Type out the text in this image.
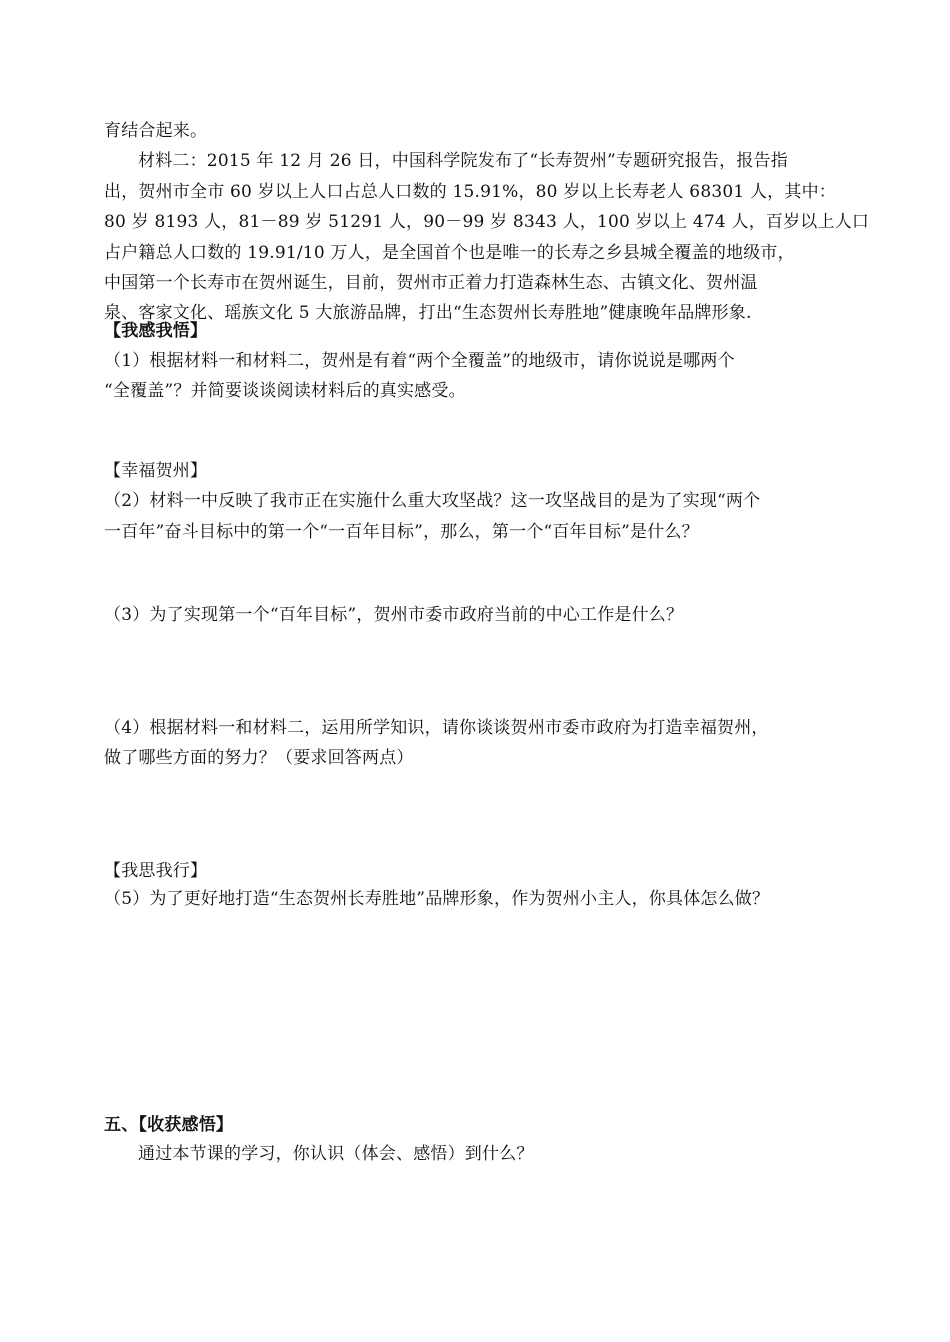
育结合起来。
材料二：2015 年 12 月 26 日，中国科学院发布了“长寿贺州”专题研究报告，报告指
出，贺州市全市 60 岁以上人口占总人口数的 15.91%，80 岁以上长寿老人 68301 人，其中：
80 岁 8193 人，81－89 岁 51291 人，90－99 岁 8343 人，100 岁以上 474 人，百岁以上人口
占户籍总人口数的 19.91/10 万人，是全国首个也是唯一的长寿之乡县城全覆盖的地级市，
中国第一个长寿市在贺州诞生，目前，贺州市正着力打造森林生态、古镇文化、贺州温
泉、客家文化、瑶族文化 5 大旅游品牌，打出“生态贺州长寿胜地”健康晚年品牌形象.
【我感我悟】
（1）根据材料一和材料二，贺州是有着“两个全覆盖”的地级市，请你说说是哪两个
“全覆盖”？并简要谈谈阅读材料后的真实感受。
【幸福贺州】
（2）材料一中反映了我市正在实施什么重大攻坚战？这一攻坚战目的是为了实现“两个
一百年”奋斗目标中的第一个“一百年目标”，那么，第一个“百年目标”是什么？
（3）为了实现第一个“百年目标”，贺州市委市政府当前的中心工作是什么？
（4）根据材料一和材料二，运用所学知识，请你谈谈贺州市委市政府为打造幸福贺州，
做了哪些方面的努力？（要求回答两点）
【我思我行】
（5）为了更好地打造“生态贺州长寿胜地”品牌形象，作为贺州小主人，你具体怎么做？
五、【收获感悟】
通过本节课的学习，你认识（体会、感悟）到什么？
